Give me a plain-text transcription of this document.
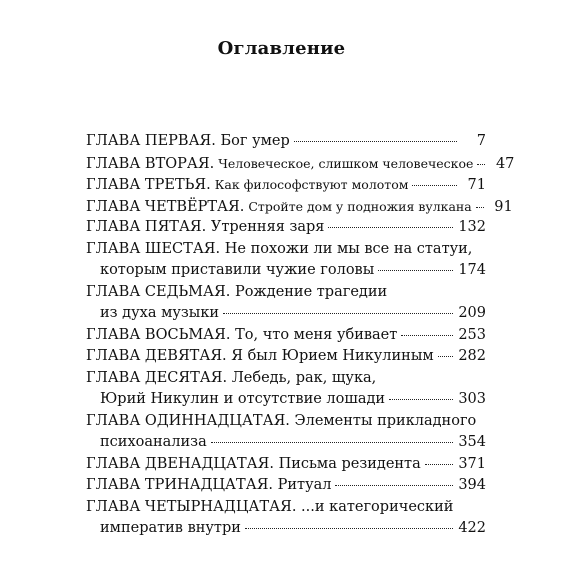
Оглавление
ГЛАВА ПЕРВАЯ. Бог умер	7
ГЛАВА ВТОРАЯ. Человеческое, слишком человеческое	47
ГЛАВА ТРЕТЬЯ. Как философствуют молотом	71
ГЛАВА ЧЕТВЁРТАЯ. Стройте дом у подножия вулкана	91
ГЛАВА ПЯТАЯ. Утренняя заря	132
ГЛАВА ШЕСТАЯ. Не похожи ли мы все на статуи,
которым приставили чужие головы	174
ГЛАВА СЕДЬМАЯ. Рождение трагедии
из духа музыки	209
ГЛАВА ВОСЬМАЯ. То, что меня убивает	253
ГЛАВА ДЕВЯТАЯ. Я был Юрием Никулиным 282
ГЛАВА ДЕСЯТАЯ. Лебедь, рак, щука,
Юрий Никулин и отсутствие лошади	303
ГЛАВА ОДИННАДЦАТАЯ. Элементы прикладного
психоанализа	354
ГЛАВА ДВЕНАДЦАТАЯ. Письма резидента	371
ГЛАВА ТРИНАДЦАТАЯ. Ритуал	394
ГЛАВА ЧЕТЫРНАДЦАТАЯ. ...и категорический
императив внутри	422
